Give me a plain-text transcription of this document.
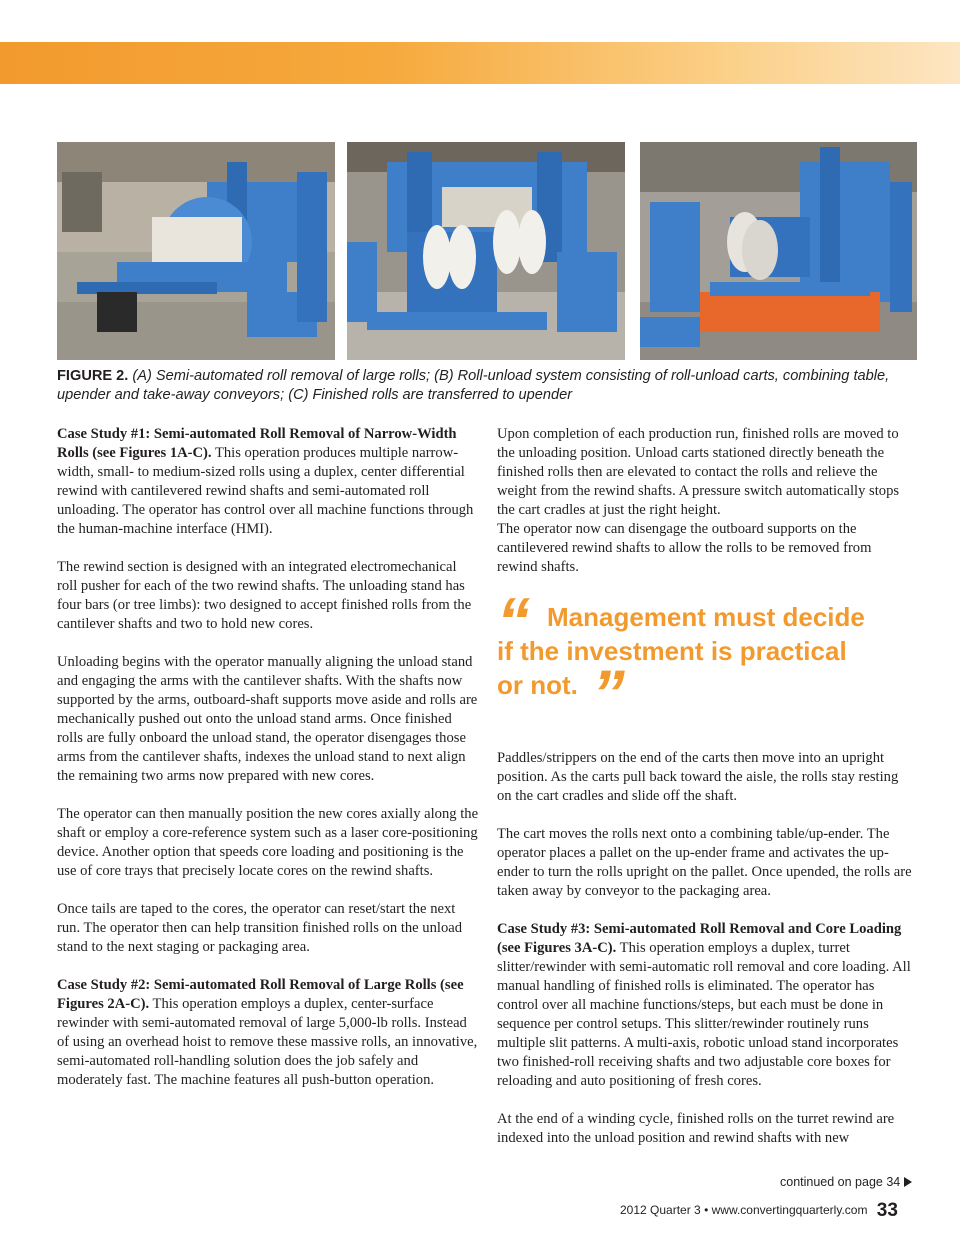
FIGURE 2. (A) Semi-automated roll removal of large rolls; (B) Roll-unload system consisting of roll-unload carts, combining table, upender and take-away conveyors; (C) Finished rolls are transferred to upender

Case Study #1: Semi-automated Roll Removal of Narrow-Width Rolls (see Figures 1A-C). This operation produces multiple narrow-width, small- to medium-sized rolls using a duplex, center differential rewind with cantilevered rewind shafts and semi-automated roll unloading. The operator has control over all machine functions through the human-machine interface (HMI).

The rewind section is designed with an integrated electromechanical roll pusher for each of the two rewind shafts. The unloading stand has four bars (or tree limbs): two designed to accept finished rolls from the cantilever shafts and two to hold new cores.

Unloading begins with the operator manually aligning the unload stand and engaging the arms with the cantilever shafts. With the shafts now supported by the arms, outboard-shaft supports move aside and rolls are mechanically pushed out onto the unload stand arms. Once finished rolls are fully onboard the unload stand, the operator disengages those arms from the cantilever shafts, indexes the unload stand to next align the remaining two arms now prepared with new cores.

The operator can then manually position the new cores axially along the shaft or employ a core-reference system such as a laser core-positioning device. Another option that speeds core loading and positioning is the use of core trays that precisely locate cores on the rewind shafts.

Once tails are taped to the cores, the operator can reset/start the next run. The operator then can help transition finished rolls on the unload stand to the next staging or packaging area.

Case Study #2: Semi-automated Roll Removal of Large Rolls (see Figures 2A-C). This operation employs a duplex, center-surface rewinder with semi-automated removal of large 5,000-lb rolls. Instead of using an overhead hoist to remove these massive rolls, an innovative, semi-automated roll-handling solution does the job safely and moderately fast. The machine features all push-button operation.

Upon completion of each production run, finished rolls are moved to the unloading position. Unload carts stationed directly beneath the finished rolls then are elevated to contact the rolls and relieve the weight from the rewind shafts. A pressure switch automatically stops the cart cradles at just the right height.

The operator now can disengage the outboard supports on the cantilevered rewind shafts to allow the rolls to be removed from rewind shafts.

“ Management must decide
if the investment is practical
or not. ”

Paddles/strippers on the end of the carts then move into an upright position. As the carts pull back toward the aisle, the rolls stay resting on the cart cradles and slide off the shaft.

The cart moves the rolls next onto a combining table/up-ender. The operator places a pallet on the up-ender frame and activates the up-ender to turn the rolls upright on the pallet. Once upended, the rolls are taken away by conveyor to the packaging area.

Case Study #3: Semi-automated Roll Removal and Core Loading (see Figures 3A-C). This operation employs a duplex, turret slitter/rewinder with semi-automatic roll removal and core loading. All manual handling of finished rolls is eliminated. The operator has control over all machine functions/steps, but each must be done in sequence per control setups. This slitter/rewinder routinely runs multiple slit patterns. A multi-axis, robotic unload stand incorporates two finished-roll receiving shafts and two adjustable core boxes for reloading and auto positioning of fresh cores.

At the end of a winding cycle, finished rolls on the turret rewind are indexed into the unload position and rewind shafts with new

continued on page 34
2012 Quarter 3 • www.convertingquarterly.com 33
